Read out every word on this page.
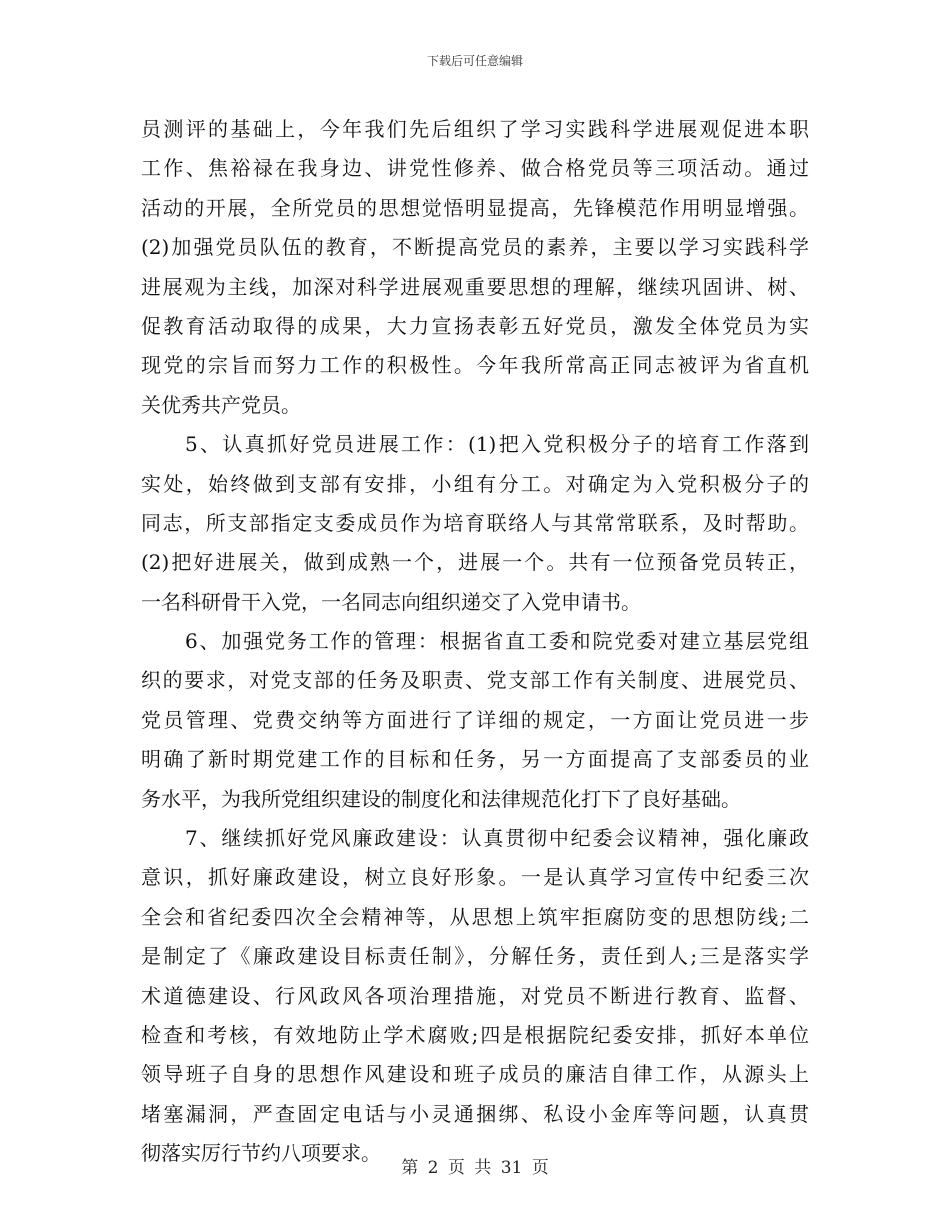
下载后可任意编辑
员测评的基础上，今年我们先后组织了学习实践科学进展观促进本职
工作、焦裕禄在我身边、讲党性修养、做合格党员等三项活动。通过
活动的开展，全所党员的思想觉悟明显提高，先锋模范作用明显增强。
(2)加强党员队伍的教育，不断提高党员的素养，主要以学习实践科学
进展观为主线，加深对科学进展观重要思想的理解，继续巩固讲、树、
促教育活动取得的成果，大力宣扬表彰五好党员，激发全体党员为实
现党的宗旨而努力工作的积极性。今年我所常高正同志被评为省直机
关优秀共产党员。
5、认真抓好党员进展工作：(1)把入党积极分子的培育工作落到
实处，始终做到支部有安排，小组有分工。对确定为入党积极分子的
同志，所支部指定支委成员作为培育联络人与其常常联系，及时帮助。
(2)把好进展关，做到成熟一个，进展一个。共有一位预备党员转正，
一名科研骨干入党，一名同志向组织递交了入党申请书。
6、加强党务工作的管理：根据省直工委和院党委对建立基层党组
织的要求，对党支部的任务及职责、党支部工作有关制度、进展党员、
党员管理、党费交纳等方面进行了详细的规定，一方面让党员进一步
明确了新时期党建工作的目标和任务，另一方面提高了支部委员的业
务水平，为我所党组织建设的制度化和法律规范化打下了良好基础。
7、继续抓好党风廉政建设：认真贯彻中纪委会议精神，强化廉政
意识，抓好廉政建设，树立良好形象。一是认真学习宣传中纪委三次
全会和省纪委四次全会精神等，从思想上筑牢拒腐防变的思想防线;二
是制定了《廉政建设目标责任制》，分解任务，责任到人;三是落实学
术道德建设、行风政风各项治理措施，对党员不断进行教育、监督、
检查和考核，有效地防止学术腐败;四是根据院纪委安排，抓好本单位
领导班子自身的思想作风建设和班子成员的廉洁自律工作，从源头上
堵塞漏洞，严查固定电话与小灵通捆绑、私设小金库等问题，认真贯
彻落实厉行节约八项要求。
第 2 页 共 31 页
